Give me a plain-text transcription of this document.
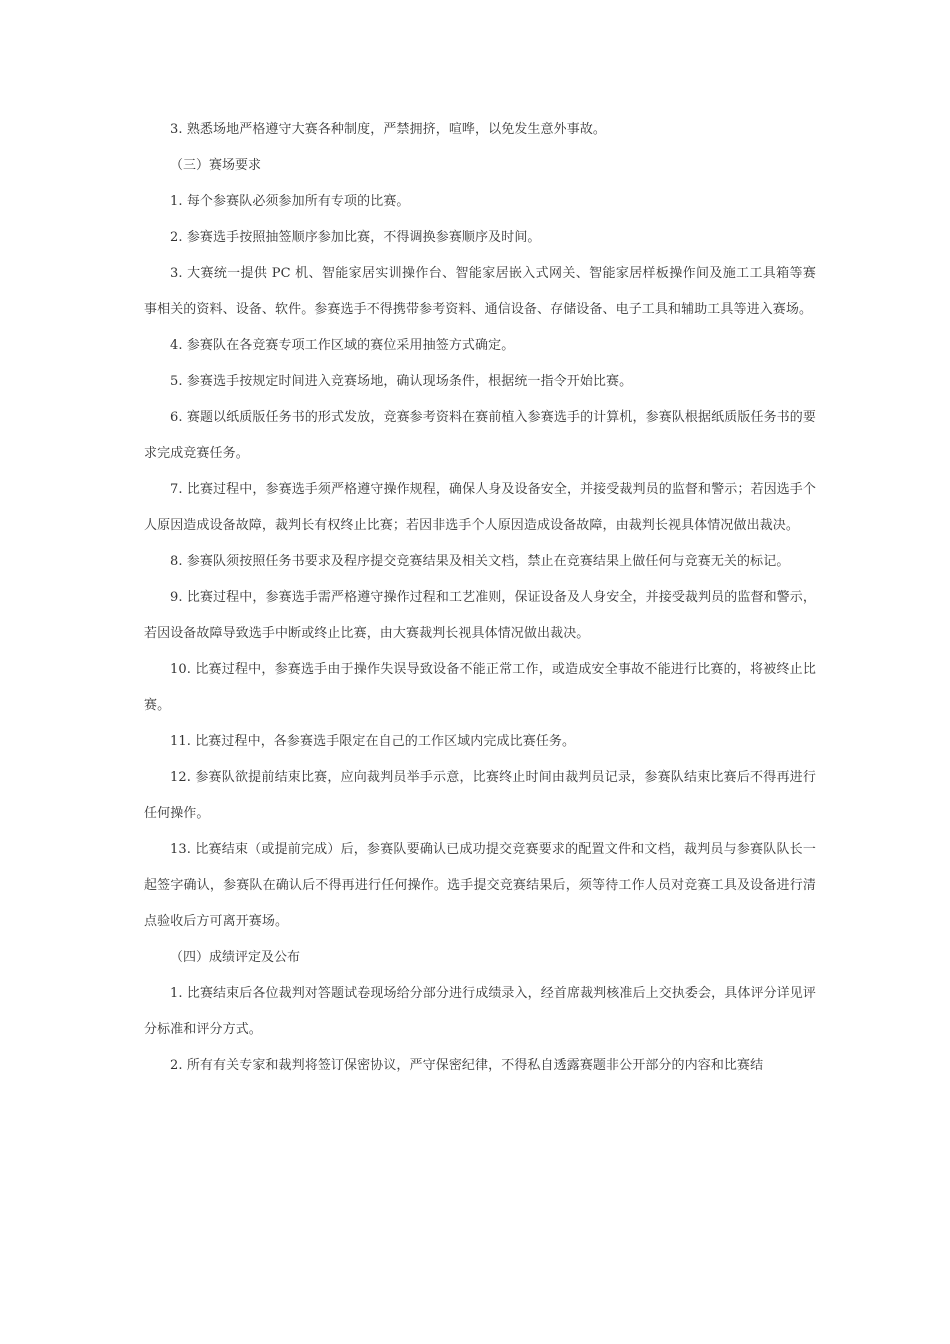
3. 熟悉场地严格遵守大赛各种制度，严禁拥挤，喧哗，以免发生意外事故。

（三）赛场要求

1. 每个参赛队必须参加所有专项的比赛。

2. 参赛选手按照抽签顺序参加比赛，不得调换参赛顺序及时间。

3. 大赛统一提供 PC 机、智能家居实训操作台、智能家居嵌入式网关、智能家居样板操作间及施工工具箱等赛事相关的资料、设备、软件。参赛选手不得携带参考资料、通信设备、存储设备、电子工具和辅助工具等进入赛场。

4. 参赛队在各竞赛专项工作区域的赛位采用抽签方式确定。

5. 参赛选手按规定时间进入竞赛场地，确认现场条件，根据统一指令开始比赛。

6. 赛题以纸质版任务书的形式发放，竞赛参考资料在赛前植入参赛选手的计算机，参赛队根据纸质版任务书的要求完成竞赛任务。

7. 比赛过程中，参赛选手须严格遵守操作规程，确保人身及设备安全，并接受裁判员的监督和警示；若因选手个人原因造成设备故障，裁判长有权终止比赛；若因非选手个人原因造成设备故障，由裁判长视具体情况做出裁决。

8. 参赛队须按照任务书要求及程序提交竞赛结果及相关文档，禁止在竞赛结果上做任何与竞赛无关的标记。

9. 比赛过程中，参赛选手需严格遵守操作过程和工艺准则，保证设备及人身安全，并接受裁判员的监督和警示，若因设备故障导致选手中断或终止比赛，由大赛裁判长视具体情况做出裁决。

10. 比赛过程中，参赛选手由于操作失误导致设备不能正常工作，或造成安全事故不能进行比赛的，将被终止比赛。

11. 比赛过程中，各参赛选手限定在自己的工作区域内完成比赛任务。

12. 参赛队欲提前结束比赛，应向裁判员举手示意，比赛终止时间由裁判员记录，参赛队结束比赛后不得再进行任何操作。

13. 比赛结束（或提前完成）后，参赛队要确认已成功提交竞赛要求的配置文件和文档，裁判员与参赛队队长一起签字确认，参赛队在确认后不得再进行任何操作。选手提交竞赛结果后，须等待工作人员对竞赛工具及设备进行清点验收后方可离开赛场。

（四）成绩评定及公布

1. 比赛结束后各位裁判对答题试卷现场给分部分进行成绩录入，经首席裁判核准后上交执委会，具体评分详见评分标准和评分方式。

2. 所有有关专家和裁判将签订保密协议，严守保密纪律，不得私自透露赛题非公开部分的内容和比赛结
